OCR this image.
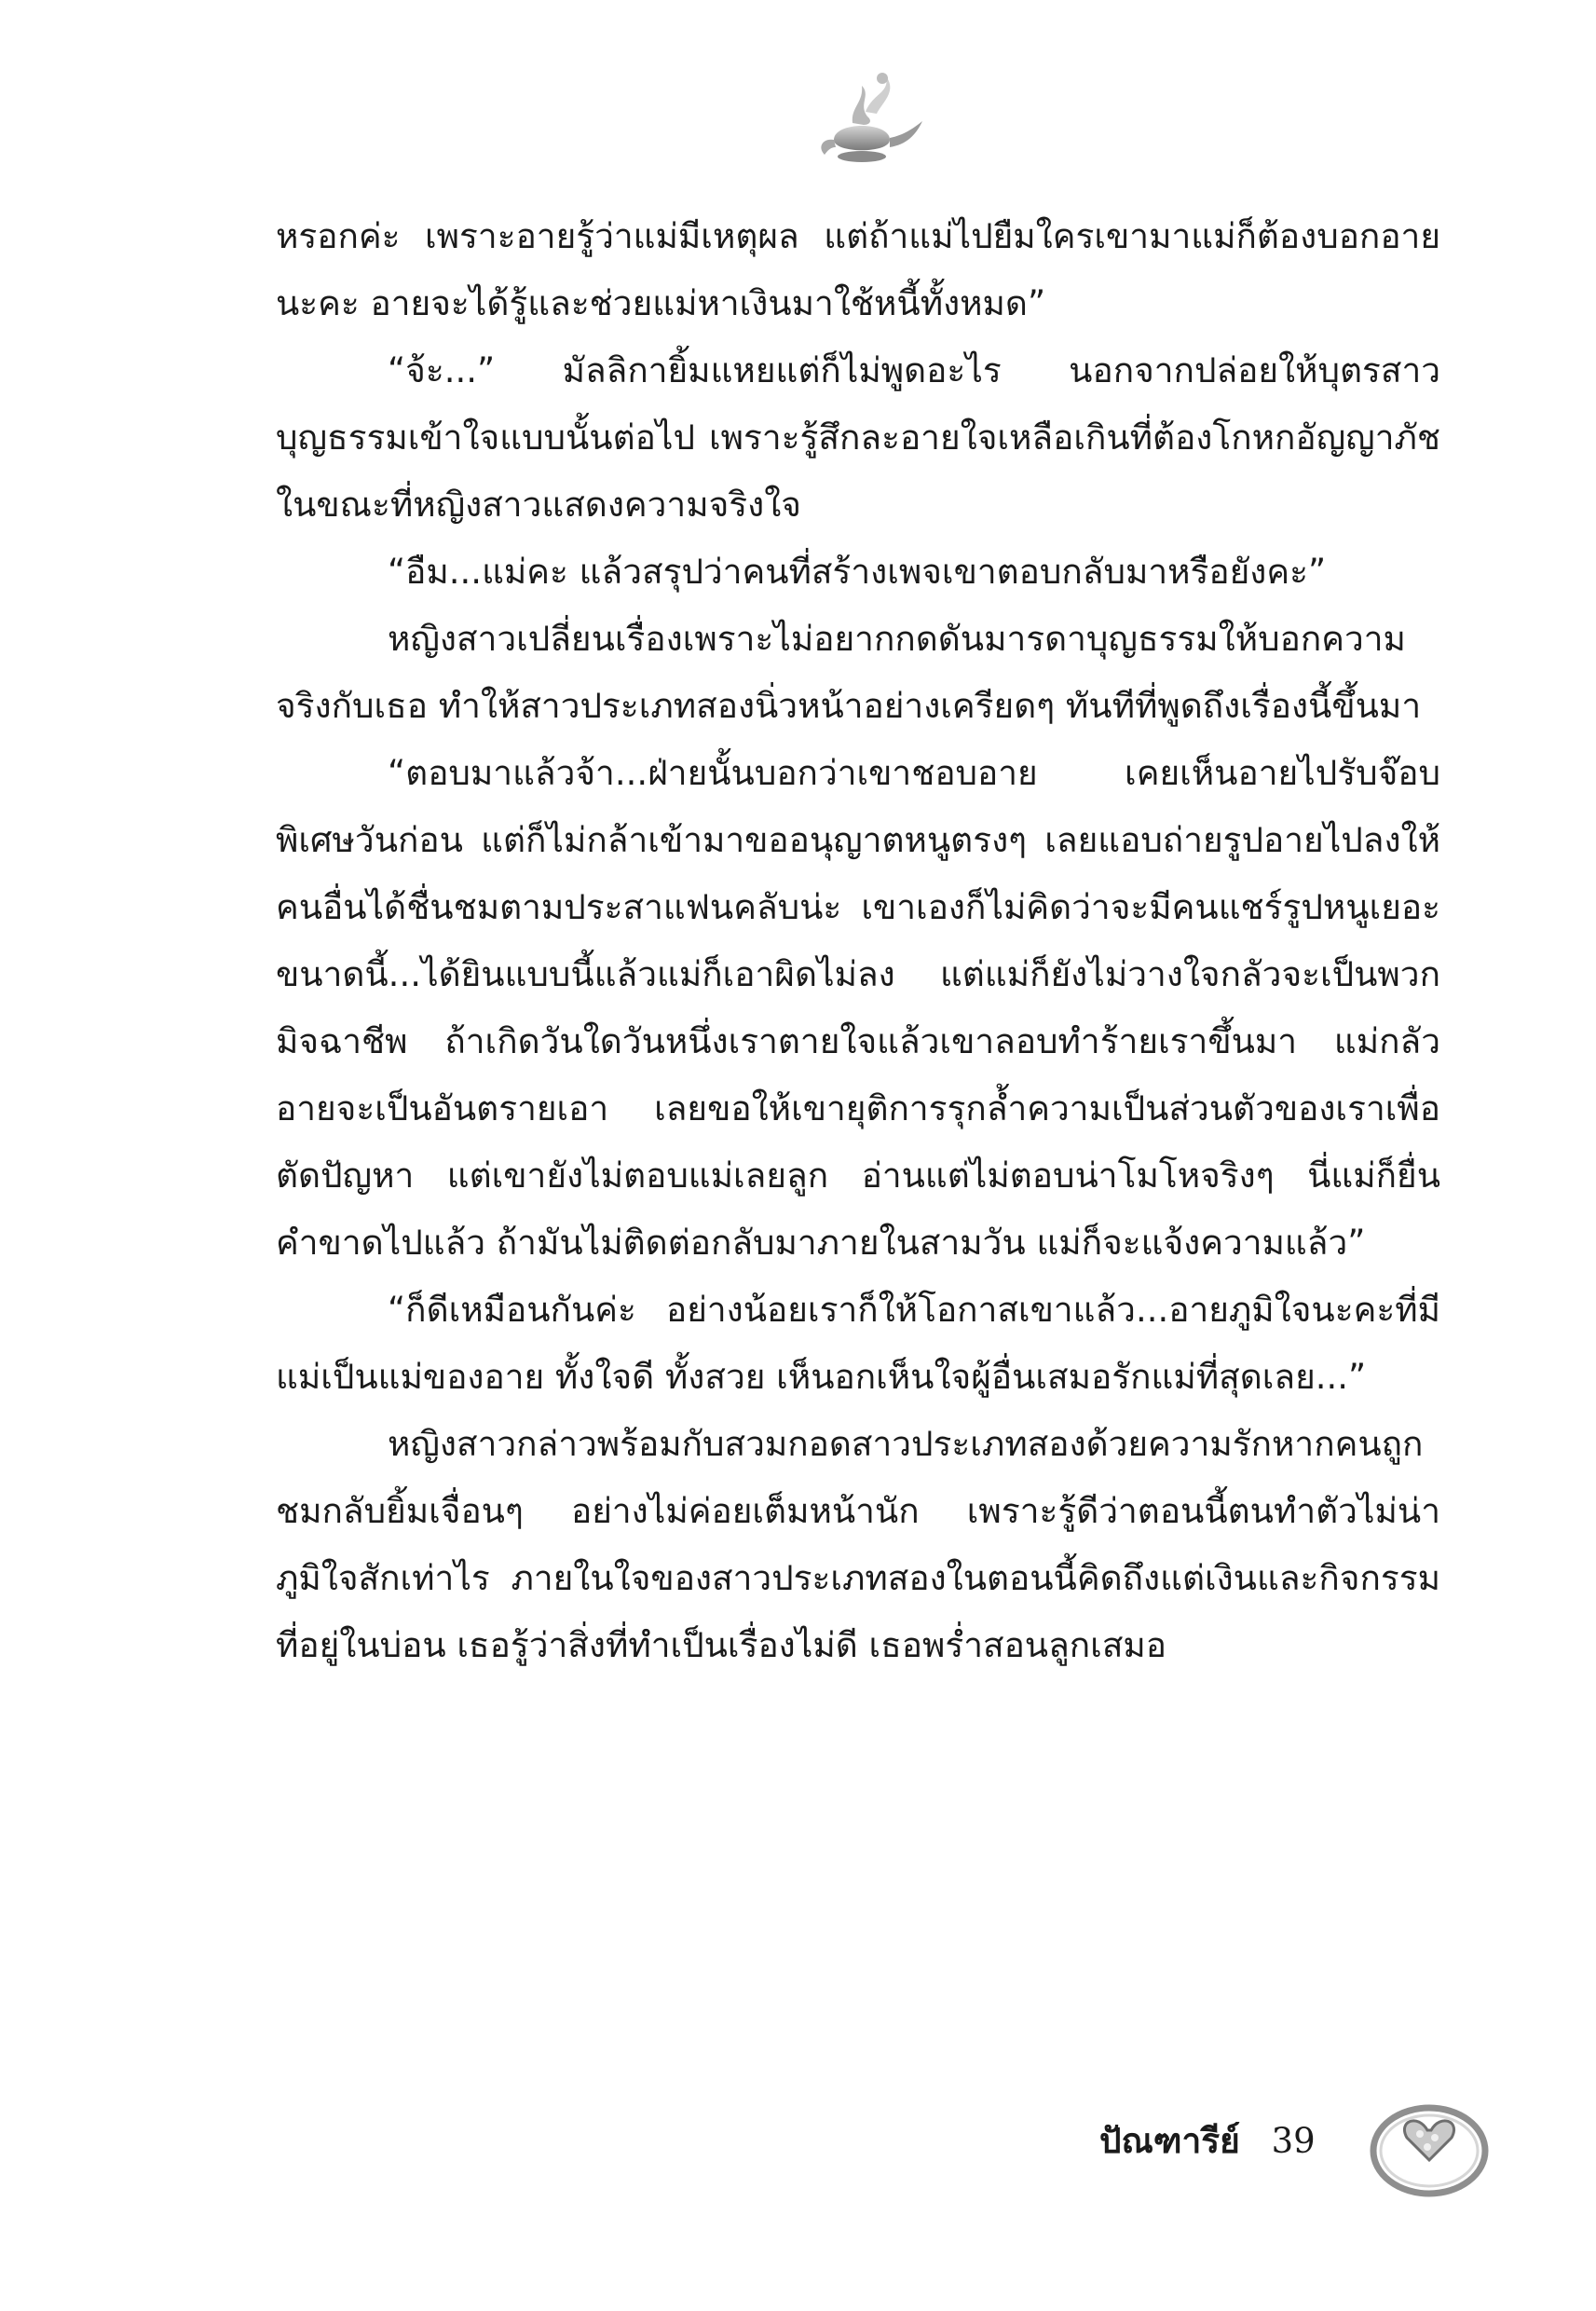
หรอกค่ะ เพราะอายรู้ว่าแม่มีเหตุผล แต่ถ้าแม่ไปยืมใครเขามาแม่ก็ต้องบอกอายนะคะ อายจะได้รู้และช่วยแม่หาเงินมาใช้หนี้ทั้งหมด”

“จ้ะ...” มัลลิกายิ้มแหยแต่ก็ไม่พูดอะไร นอกจากปล่อยให้บุตรสาวบุญธรรมเข้าใจแบบนั้นต่อไป เพราะรู้สึกละอายใจเหลือเกินที่ต้องโกหกอัญญาภัชในขณะที่หญิงสาวแสดงความจริงใจ

“อืม...แม่คะ แล้วสรุปว่าคนที่สร้างเพจเขาตอบกลับมาหรือยังคะ”

หญิงสาวเปลี่ยนเรื่องเพราะไม่อยากกดดันมารดาบุญธรรมให้บอกความจริงกับเธอ ทำให้สาวประเภทสองนิ่วหน้าอย่างเครียดๆ ทันทีที่พูดถึงเรื่องนี้ขึ้นมา

“ตอบมาแล้วจ้า...ฝ่ายนั้นบอกว่าเขาชอบอาย เคยเห็นอายไปรับจ๊อบพิเศษวันก่อน แต่ก็ไม่กล้าเข้ามาขออนุญาตหนูตรงๆ เลยแอบถ่ายรูปอายไปลงให้คนอื่นได้ชื่นชมตามประสาแฟนคลับน่ะ เขาเองก็ไม่คิดว่าจะมีคนแชร์รูปหนูเยอะขนาดนี้...ได้ยินแบบนี้แล้วแม่ก็เอาผิดไม่ลง แต่แม่ก็ยังไม่วางใจกลัวจะเป็นพวกมิจฉาชีพ ถ้าเกิดวันใดวันหนึ่งเราตายใจแล้วเขาลอบทำร้ายเราขึ้นมา แม่กลัวอายจะเป็นอันตรายเอา เลยขอให้เขายุติการรุกล้ำความเป็นส่วนตัวของเราเพื่อตัดปัญหา แต่เขายังไม่ตอบแม่เลยลูก อ่านแต่ไม่ตอบน่าโมโหจริงๆ นี่แม่ก็ยื่นคำขาดไปแล้ว ถ้ามันไม่ติดต่อกลับมาภายในสามวัน แม่ก็จะแจ้งความแล้ว”

“ก็ดีเหมือนกันค่ะ อย่างน้อยเราก็ให้โอกาสเขาแล้ว...อายภูมิใจนะคะที่มีแม่เป็นแม่ของอาย ทั้งใจดี ทั้งสวย เห็นอกเห็นใจผู้อื่นเสมอรักแม่ที่สุดเลย...”

หญิงสาวกล่าวพร้อมกับสวมกอดสาวประเภทสองด้วยความรักหากคนถูกชมกลับยิ้มเจื่อนๆ อย่างไม่ค่อยเต็มหน้านัก เพราะรู้ดีว่าตอนนี้ตนทำตัวไม่น่าภูมิใจสักเท่าไร ภายในใจของสาวประเภทสองในตอนนี้คิดถึงแต่เงินและกิจกรรมที่อยู่ในบ่อน เธอรู้ว่าสิ่งที่ทำเป็นเรื่องไม่ดี เธอพร่ำสอนลูกเสมอ

ปัณฑารีย์ 39
